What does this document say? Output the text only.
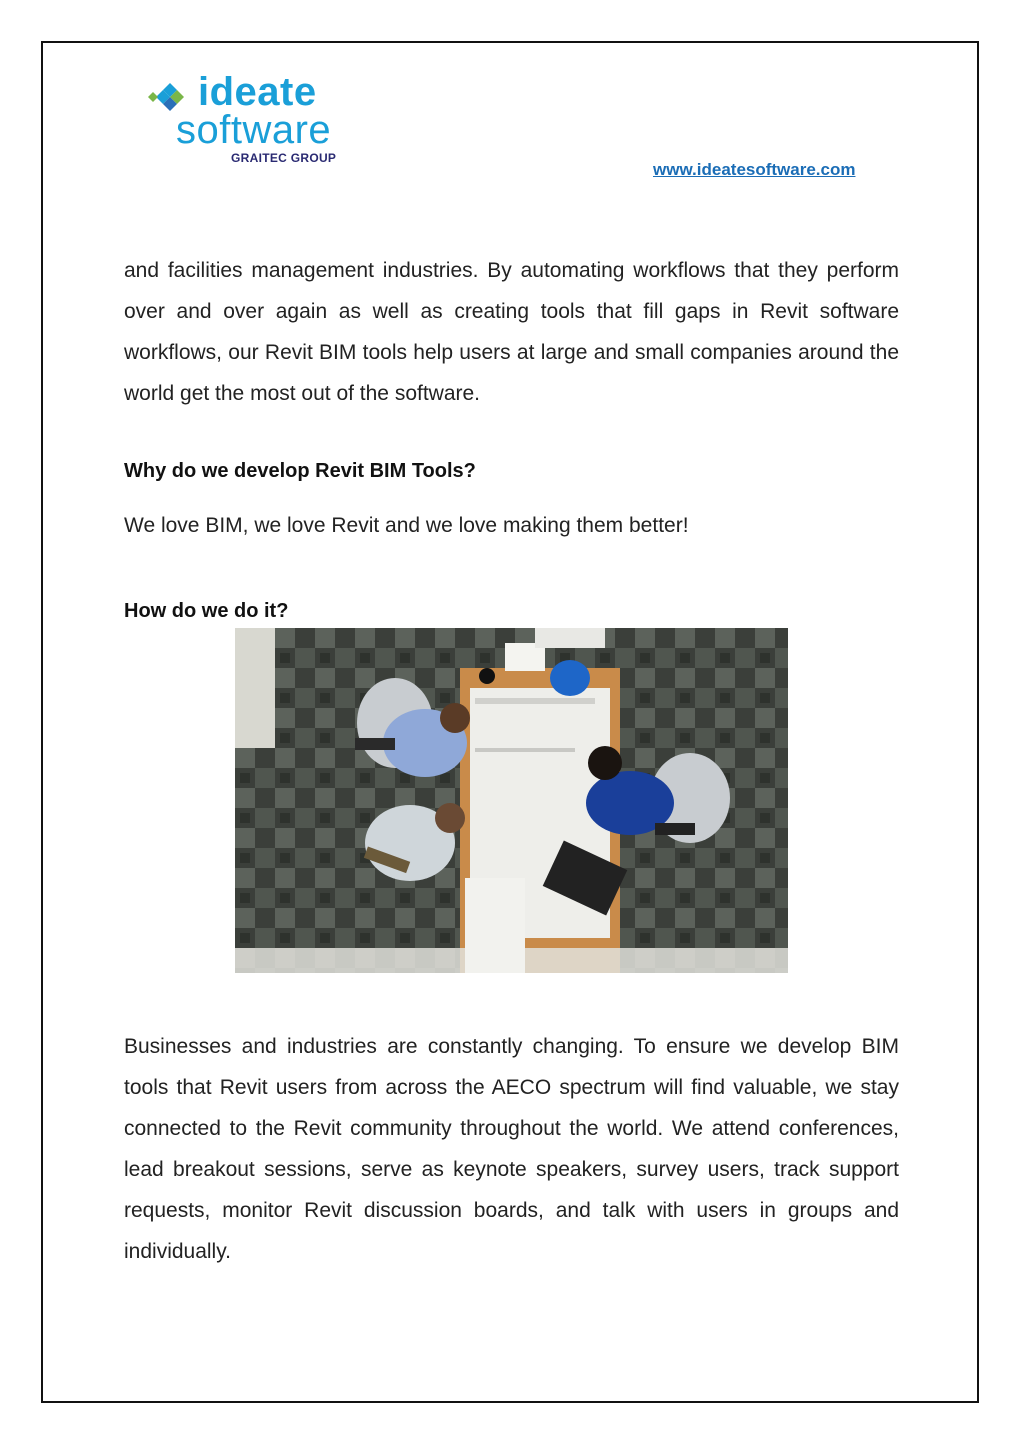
ideate
software
GRAITEC GROUP
www.ideatesoftware.com

and facilities management industries. By automating workflows that they perform over and over again as well as creating tools that fill gaps in Revit software workflows, our Revit BIM tools help users at large and small companies around the world get the most out of the software.

Why do we develop Revit BIM Tools?

We love BIM, we love Revit and we love making them better!

How do we do it?

Businesses and industries are constantly changing. To ensure we develop BIM tools that Revit users from across the AECO spectrum will find valuable, we stay connected to the Revit community throughout the world. We attend conferences, lead breakout sessions, serve as keynote speakers, survey users, track support requests, monitor Revit discussion boards, and talk with users in groups and individually.
